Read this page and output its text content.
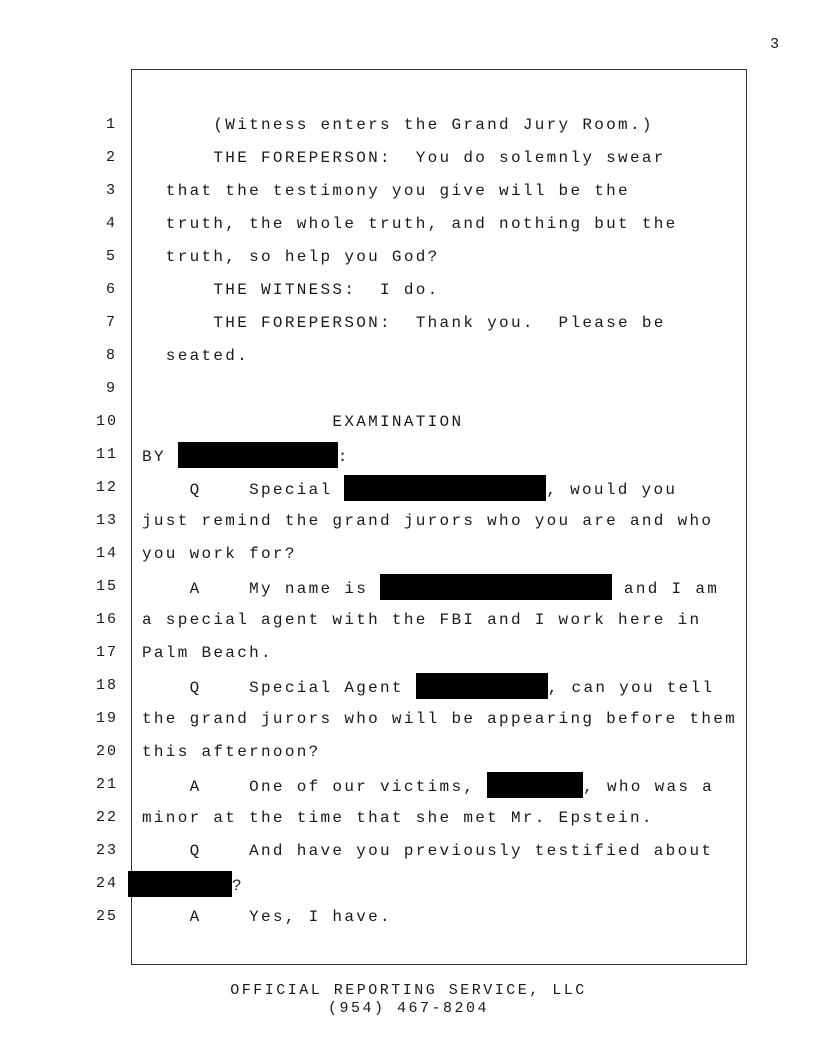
3
1
2
3
4
5
6
7
8
9
10
11
12
13
14
15
16
17
18
19
20
21
22
23
24
25
(Witness enters the Grand Jury Room.)
THE FOREPERSON:  You do solemnly swear
that the testimony you give will be the
truth, the whole truth, and nothing but the
truth, so help you God?
THE WITNESS:  I do.
THE FOREPERSON:  Thank you.  Please be
seated.
EXAMINATION
BY	:
Q    Special	, would you
just remind the grand jurors who you are and who
you work for?
A    My name is	and I am
a special agent with the FBI and I work here in
Palm Beach.
Q    Special Agent	, can you tell
the grand jurors who will be appearing before them
this afternoon?
A    One of our victims,	, who was a
minor at the time that she met Mr. Epstein.
Q    And have you previously testified about
?
A    Yes, I have.
OFFICIAL REPORTING SERVICE, LLC
(954) 467-8204
